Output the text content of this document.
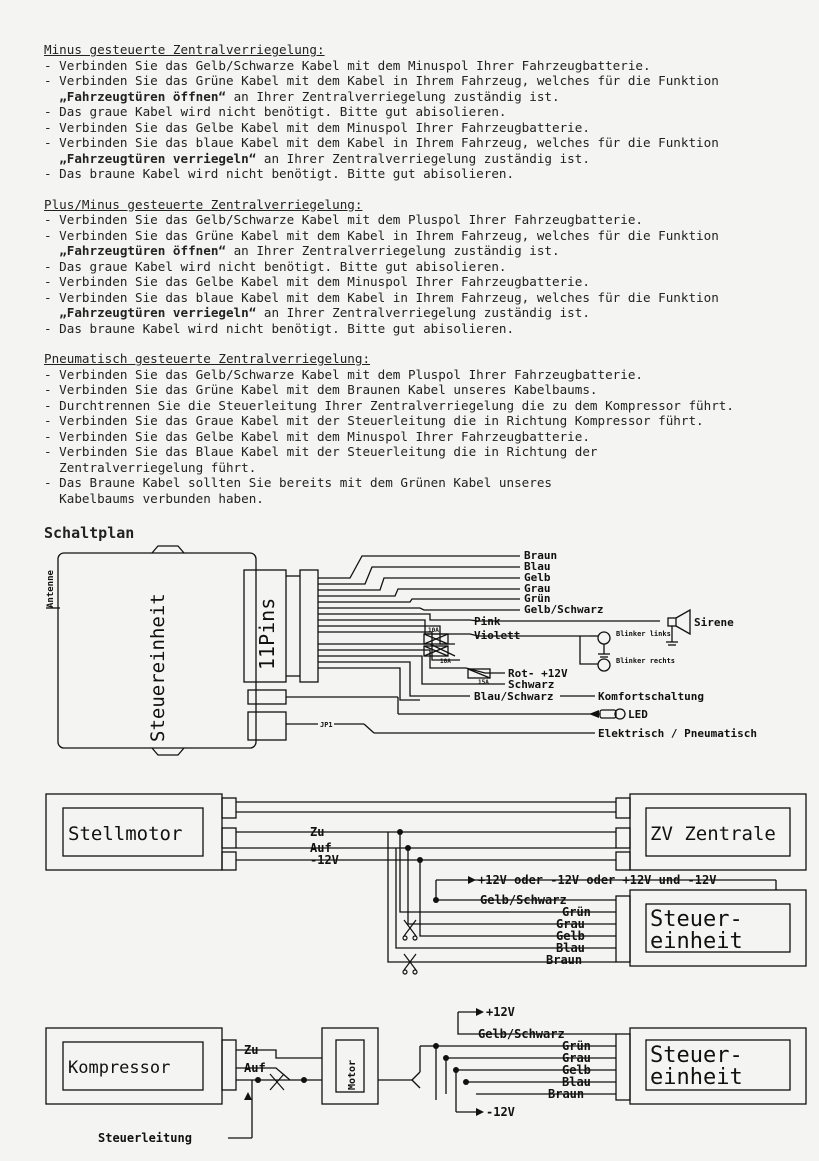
Minus gesteuerte Zentralverriegelung:
- Verbinden Sie das Gelb/Schwarze Kabel mit dem Minuspol Ihrer Fahrzeugbatterie.
- Verbinden Sie das Grüne Kabel mit dem Kabel in Ihrem Fahrzeug, welches für die Funktion
„Fahrzeugtüren öffnen“ an Ihrer Zentralverriegelung zuständig ist.
- Das graue Kabel wird nicht benötigt. Bitte gut abisolieren.
- Verbinden Sie das Gelbe Kabel mit dem Minuspol Ihrer Fahrzeugbatterie.
- Verbinden Sie das blaue Kabel mit dem Kabel in Ihrem Fahrzeug, welches für die Funktion
„Fahrzeugtüren verriegeln“ an Ihrer Zentralverriegelung zuständig ist.
- Das braune Kabel wird nicht benötigt. Bitte gut abisolieren.
Plus/Minus gesteuerte Zentralverriegelung:
- Verbinden Sie das Gelb/Schwarze Kabel mit dem Pluspol Ihrer Fahrzeugbatterie.
- Verbinden Sie das Grüne Kabel mit dem Kabel in Ihrem Fahrzeug, welches für die Funktion
„Fahrzeugtüren öffnen“ an Ihrer Zentralverriegelung zuständig ist.
- Das graue Kabel wird nicht benötigt. Bitte gut abisolieren.
- Verbinden Sie das Gelbe Kabel mit dem Minuspol Ihrer Fahrzeugbatterie.
- Verbinden Sie das blaue Kabel mit dem Kabel in Ihrem Fahrzeug, welches für die Funktion
„Fahrzeugtüren verriegeln“ an Ihrer Zentralverriegelung zuständig ist.
- Das braune Kabel wird nicht benötigt. Bitte gut abisolieren.
Pneumatisch gesteuerte Zentralverriegelung:
- Verbinden Sie das Gelb/Schwarze Kabel mit dem Pluspol Ihrer Fahrzeugbatterie.
- Verbinden Sie das Grüne Kabel mit dem Braunen Kabel unseres Kabelbaums.
- Durchtrennen Sie die Steuerleitung Ihrer Zentralverriegelung die zu dem Kompressor führt.
- Verbinden Sie das Graue Kabel mit der Steuerleitung die in Richtung Kompressor führt.
- Verbinden Sie das Gelbe Kabel mit dem Minuspol Ihrer Fahrzeugbatterie.
- Verbinden Sie das Blaue Kabel mit der Steuerleitung die in Richtung der
Zentralverriegelung führt.
- Das Braune Kabel sollten Sie bereits mit dem Grünen Kabel unseres
Kabelbaums verbunden haben.
Schaltplan
Antenne
Steuereinheit	11Pins
Braun
Blau
Gelb
Grau
Grün
Gelb/Schwarz
Pink
Violett
Sirene
Blinker links
Blinker rechts
10A
10A
15A
Rot- +12V
Schwarz
Blau/Schwarz	Komfortschaltung
LED
JP1
Elektrisch / Pneumatisch
Stellmotor	ZV Zentrale
Zu
Auf
-12V
+12V oder -12V oder +12V und -12V
Gelb/Schwarz
Grün
Grau
Gelb
Blau
Braun
Steuer-
einheit
Kompressor
Zu
Auf	Motor
+12V
Gelb/Schwarz
Grün
Grau
Gelb
Blau
Braun
-12V
Steuer-
einheit
Steuerleitung
